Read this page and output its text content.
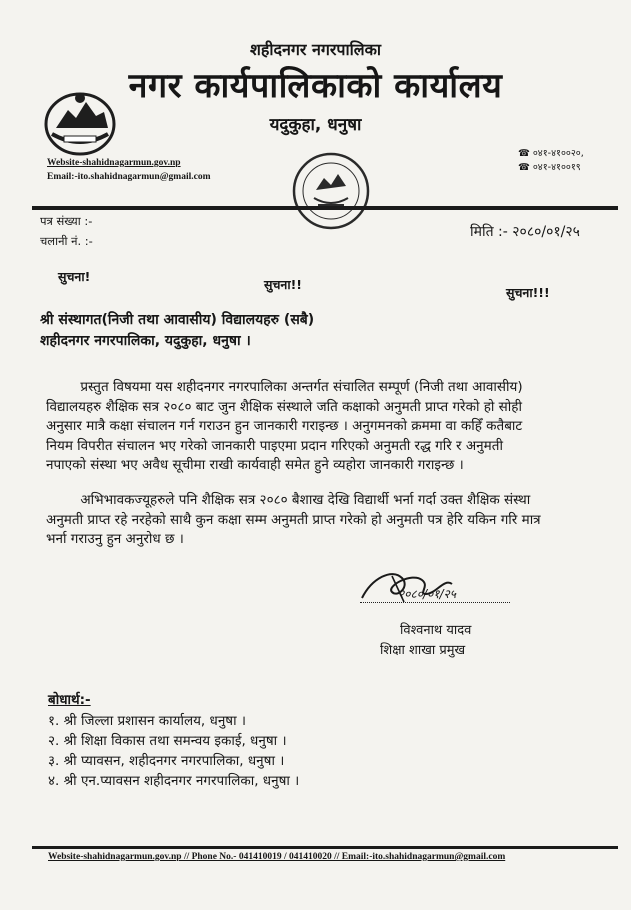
शहीदनगर नगरपालिका
नगर कार्यपालिकाको कार्यालय
यदुकुहा, धनुषा
Website-shahidnagarmun.gov.np
Email:-ito.shahidnagarmun@gmail.com
☎ ०४१-४१००२०,
☎ ०४१-४१००१९
पत्र संख्या :-
चलानी नं. :-
मिति :- २०८०/०१/२५
सुचना!
सुचना!!
सुचना!!!
श्री संस्थागत(निजी तथा आवासीय) विद्यालयहरु (सबै)
शहीदनगर नगरपालिका, यदुकुहा, धनुषा ।
प्रस्तुत विषयमा यस शहीदनगर नगरपालिका अन्तर्गत संचालित सम्पूर्ण (निजी तथा आवासीय)
विद्यालयहरु शैक्षिक सत्र २०८० बाट जुन शैक्षिक संस्थाले जति कक्षाको अनुमती प्राप्त गरेको हो सोही
अनुसार मात्रै कक्षा संचालन गर्न गराउन हुन जानकारी गराइन्छ । अनुगमनको क्रममा वा कहिँ कतैबाट
नियम विपरीत संचालन भए गरेको जानकारी पाइएमा प्रदान गरिएको अनुमती रद्ध गरि र अनुमती
नपाएको संस्था भए अवैध सूचीमा राखी कार्यवाही समेत हुने व्यहोरा जानकारी गराइन्छ ।
अभिभावकज्यूहरुले पनि शैक्षिक सत्र २०८० बैशाख देखि विद्यार्थी भर्ना गर्दा उक्त शैक्षिक संस्था
अनुमती प्राप्त रहे नरहेको साथै कुन कक्षा सम्म अनुमती प्राप्त गरेको हो अनुमती पत्र हेरि यकिन गरि मात्र
भर्ना गराउनु हुन अनुरोध छ ।
२०८०/०१/२५
विश्वनाथ यादव
शिक्षा शाखा प्रमुख
बोधार्थ:-
१. श्री जिल्ला प्रशासन कार्यालय, धनुषा ।
२. श्री शिक्षा विकास तथा समन्वय इकाई, धनुषा ।
३. श्री प्यावसन, शहीदनगर नगरपालिका, धनुषा ।
४. श्री एन.प्यावसन शहीदनगर नगरपालिका, धनुषा ।
Website-shahidnagarmun.gov.np // Phone No.- 041410019 / 041410020 // Email:-ito.shahidnagarmun@gmail.com
